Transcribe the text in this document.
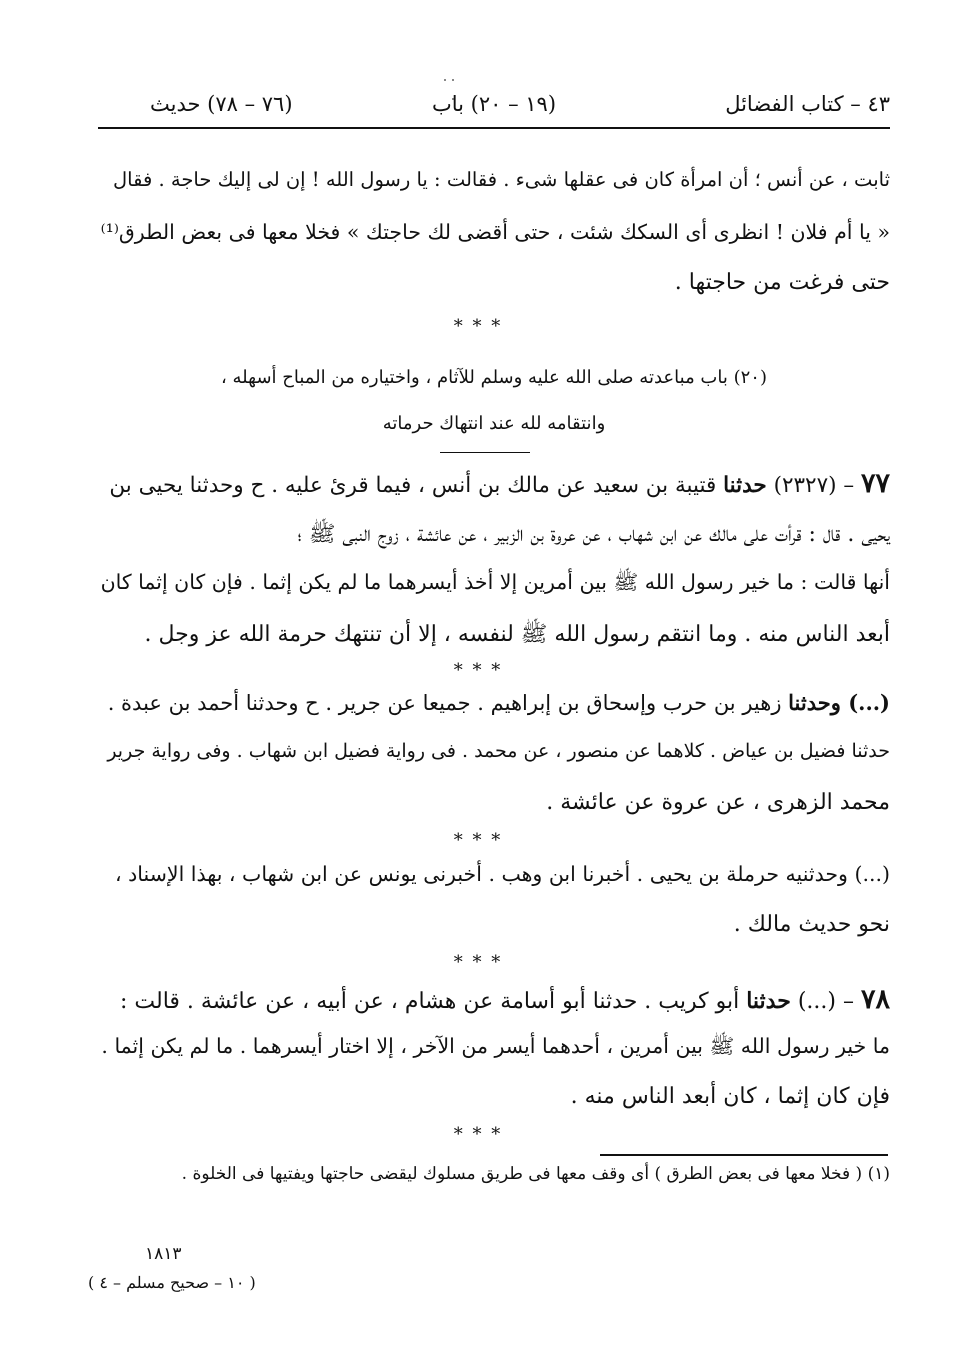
٤٣ – كتاب الفضائل
(١٩ – ٢٠) باب
(٧٦ – ٧٨) حديث
ثابت ، عن أنس ؛ أن امرأة كان فى عقلها شىء . فقالت : يا رسول الله ! إن لى إليك حاجة . فقال
« يا أم فلان ! انظرى أى السكك شئت ، حتى أقضى لك حاجتك » فخلا معها فى بعض الطرق⁽¹⁾
حتى فرغت من حاجتها .
* * *
(٢٠) باب مباعدته صلى الله عليه وسلم للآثام ، واختياره من المباح أسهله ،
وانتقامه لله عند انتهاك حرماته
٧٧ – (٢٣٢٧) حدثنا قتيبة بن سعيد عن مالك بن أنس ، فيما قرئ عليه . ح وحدثنا يحيى بن
يحيى . قال : قرأت على مالك عن ابن شهاب ، عن عروة بن الزبير ، عن عائشة ، زوج النبى ﷺ ؛
أنها قالت : ما خير رسول الله ﷺ بين أمرين إلا أخذ أيسرهما ما لم يكن إثما . فإن كان إثما كان
أبعد الناس منه . وما انتقم رسول الله ﷺ لنفسه ، إلا أن تنتهك حرمة الله عز وجل .
* * *
(...) وحدثنا زهير بن حرب وإسحاق بن إبراهيم . جميعا عن جرير . ح وحدثنا أحمد بن عبدة .
حدثنا فضيل بن عياض . كلاهما عن منصور ، عن محمد . فى رواية فضيل ابن شهاب . وفى رواية جرير
محمد الزهرى ، عن عروة عن عائشة .
* * *
(...) وحدثنيه حرملة بن يحيى . أخبرنا ابن وهب . أخبرنى يونس عن ابن شهاب ، بهذا الإسناد ،
نحو حديث مالك .
* * *
٧٨ – (...) حدثنا أبو كريب . حدثنا أبو أسامة عن هشام ، عن أبيه ، عن عائشة . قالت :
ما خير رسول الله ﷺ بين أمرين ، أحدهما أيسر من الآخر ، إلا اختار أيسرهما . ما لم يكن إثما .
فإن كان إثما ، كان أبعد الناس منه .
* * *
(١) ( فخلا معها فى بعض الطرق ) أى وقف معها فى طريق مسلوك ليقضى حاجتها ويفتيها فى الخلوة .
١٨١٣
( ١٠ – صحيح مسلم – ٤ )
